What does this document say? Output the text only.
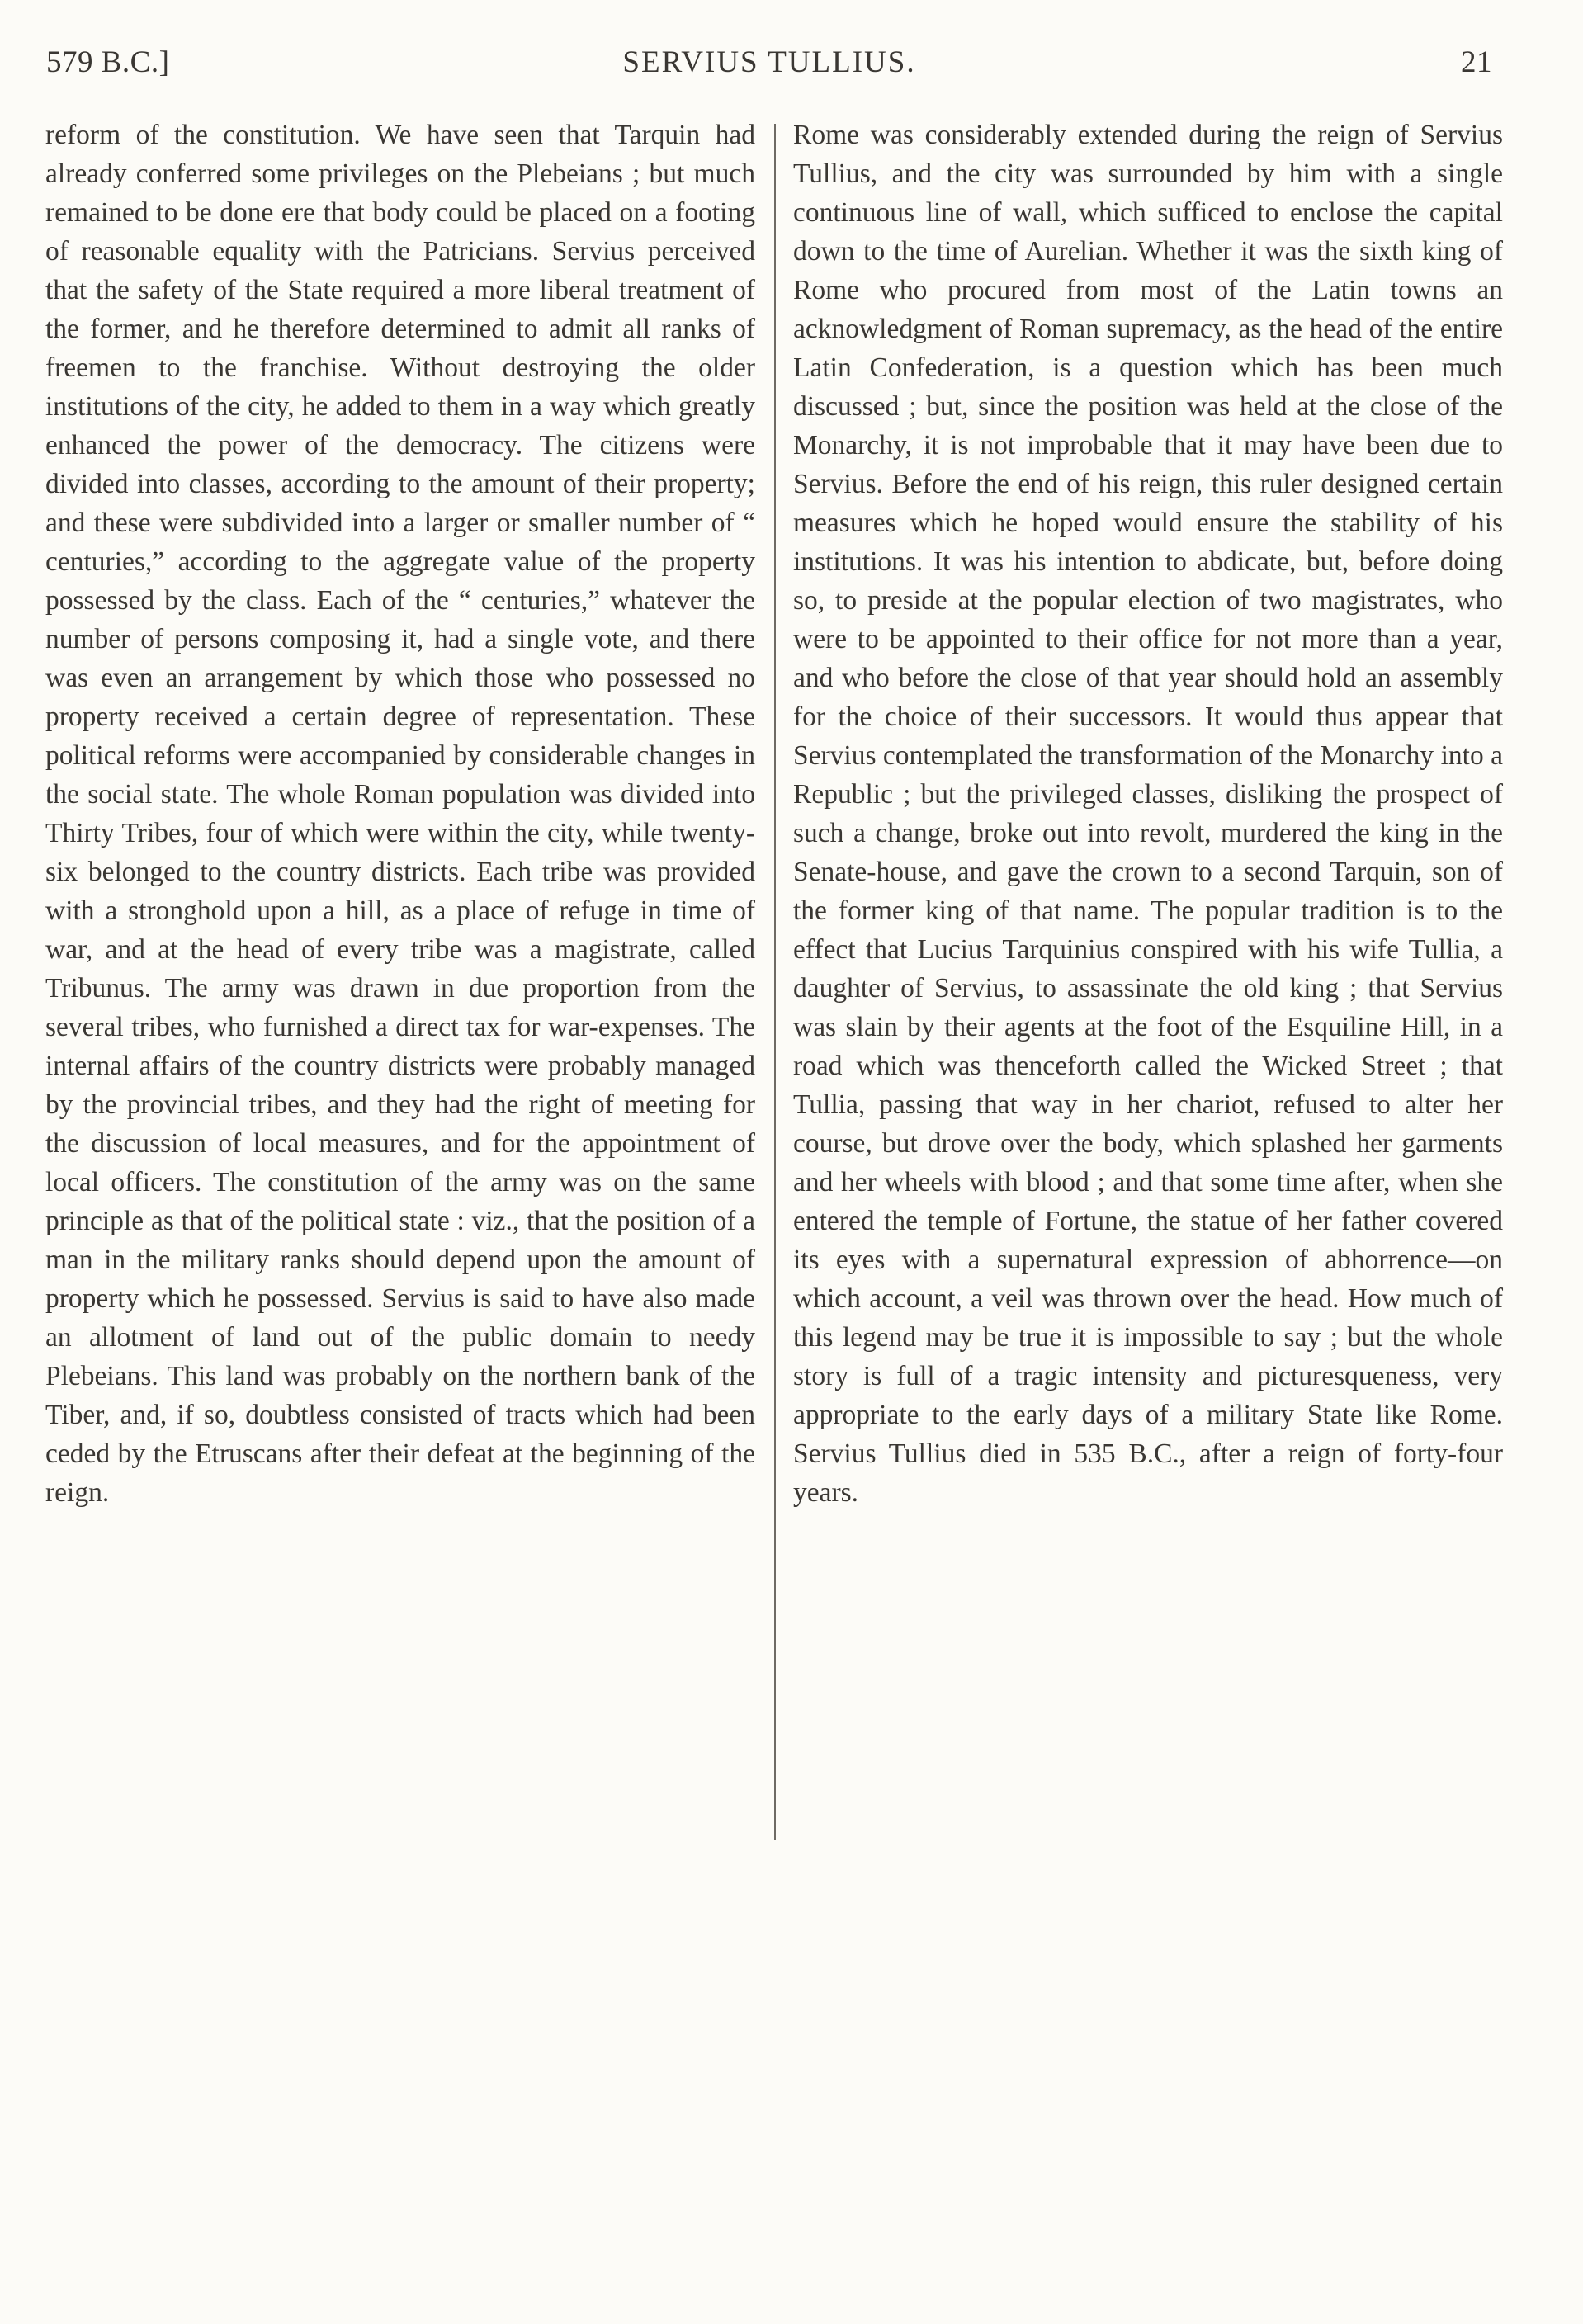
579 B.C.]	SERVIUS TULLIUS.	21

reform of the constitution. We have seen that Tarquin had already conferred some privileges on the Plebeians ; but much remained to be done ere that body could be placed on a footing of reasonable equality with the Patricians. Servius perceived that the safety of the State required a more liberal treatment of the former, and he therefore determined to admit all ranks of freemen to the franchise. Without destroying the older institutions of the city, he added to them in a way which greatly enhanced the power of the democracy. The citizens were divided into classes, according to the amount of their property; and these were subdivided into a larger or smaller number of “ centuries,” according to the aggregate value of the property possessed by the class. Each of the “ centuries,” whatever the number of persons composing it, had a single vote, and there was even an arrangement by which those who possessed no property received a certain degree of representation. These political reforms were accompanied by considerable changes in the social state. The whole Roman population was divided into Thirty Tribes, four of which were within the city, while twenty-six belonged to the country districts. Each tribe was provided with a stronghold upon a hill, as a place of refuge in time of war, and at the head of every tribe was a magistrate, called Tribunus. The army was drawn in due proportion from the several tribes, who furnished a direct tax for war-expenses. The internal affairs of the country districts were probably managed by the provincial tribes, and they had the right of meeting for the discussion of local measures, and for the appointment of local officers. The constitution of the army was on the same principle as that of the political state : viz., that the position of a man in the military ranks should depend upon the amount of property which he possessed. Servius is said to have also made an allotment of land out of the public domain to needy Plebeians. This land was probably on the northern bank of the Tiber, and, if so, doubtless consisted of tracts which had been ceded by the Etruscans after their defeat at the beginning of the reign.

Rome was considerably extended during the reign of Servius Tullius, and the city was surrounded by him with a single continuous line of wall, which sufficed to enclose the capital down to the time of Aurelian. Whether it was the sixth king of Rome who procured from most of the Latin towns an acknowledgment of Roman supremacy, as the head of the entire Latin Confederation, is a question which has been much discussed ; but, since the position was held at the close of the Monarchy, it is not improbable that it may have been due to Servius. Before the end of his reign, this ruler designed certain measures which he hoped would ensure the stability of his institutions. It was his intention to abdicate, but, before doing so, to preside at the popular election of two magistrates, who were to be appointed to their office for not more than a year, and who before the close of that year should hold an assembly for the choice of their successors. It would thus appear that Servius contemplated the transformation of the Monarchy into a Republic ; but the privileged classes, disliking the prospect of such a change, broke out into revolt, murdered the king in the Senate-house, and gave the crown to a second Tarquin, son of the former king of that name. The popular tradition is to the effect that Lucius Tarquinius conspired with his wife Tullia, a daughter of Servius, to assassinate the old king ; that Servius was slain by their agents at the foot of the Esquiline Hill, in a road which was thenceforth called the Wicked Street ; that Tullia, passing that way in her chariot, refused to alter her course, but drove over the body, which splashed her garments and her wheels with blood ; and that some time after, when she entered the temple of Fortune, the statue of her father covered its eyes with a supernatural expression of abhorrence—on which account, a veil was thrown over the head. How much of this legend may be true it is impossible to say ; but the whole story is full of a tragic intensity and picturesqueness, very appropriate to the early days of a military State like Rome. Servius Tullius died in 535 B.C., after a reign of forty-four years.
